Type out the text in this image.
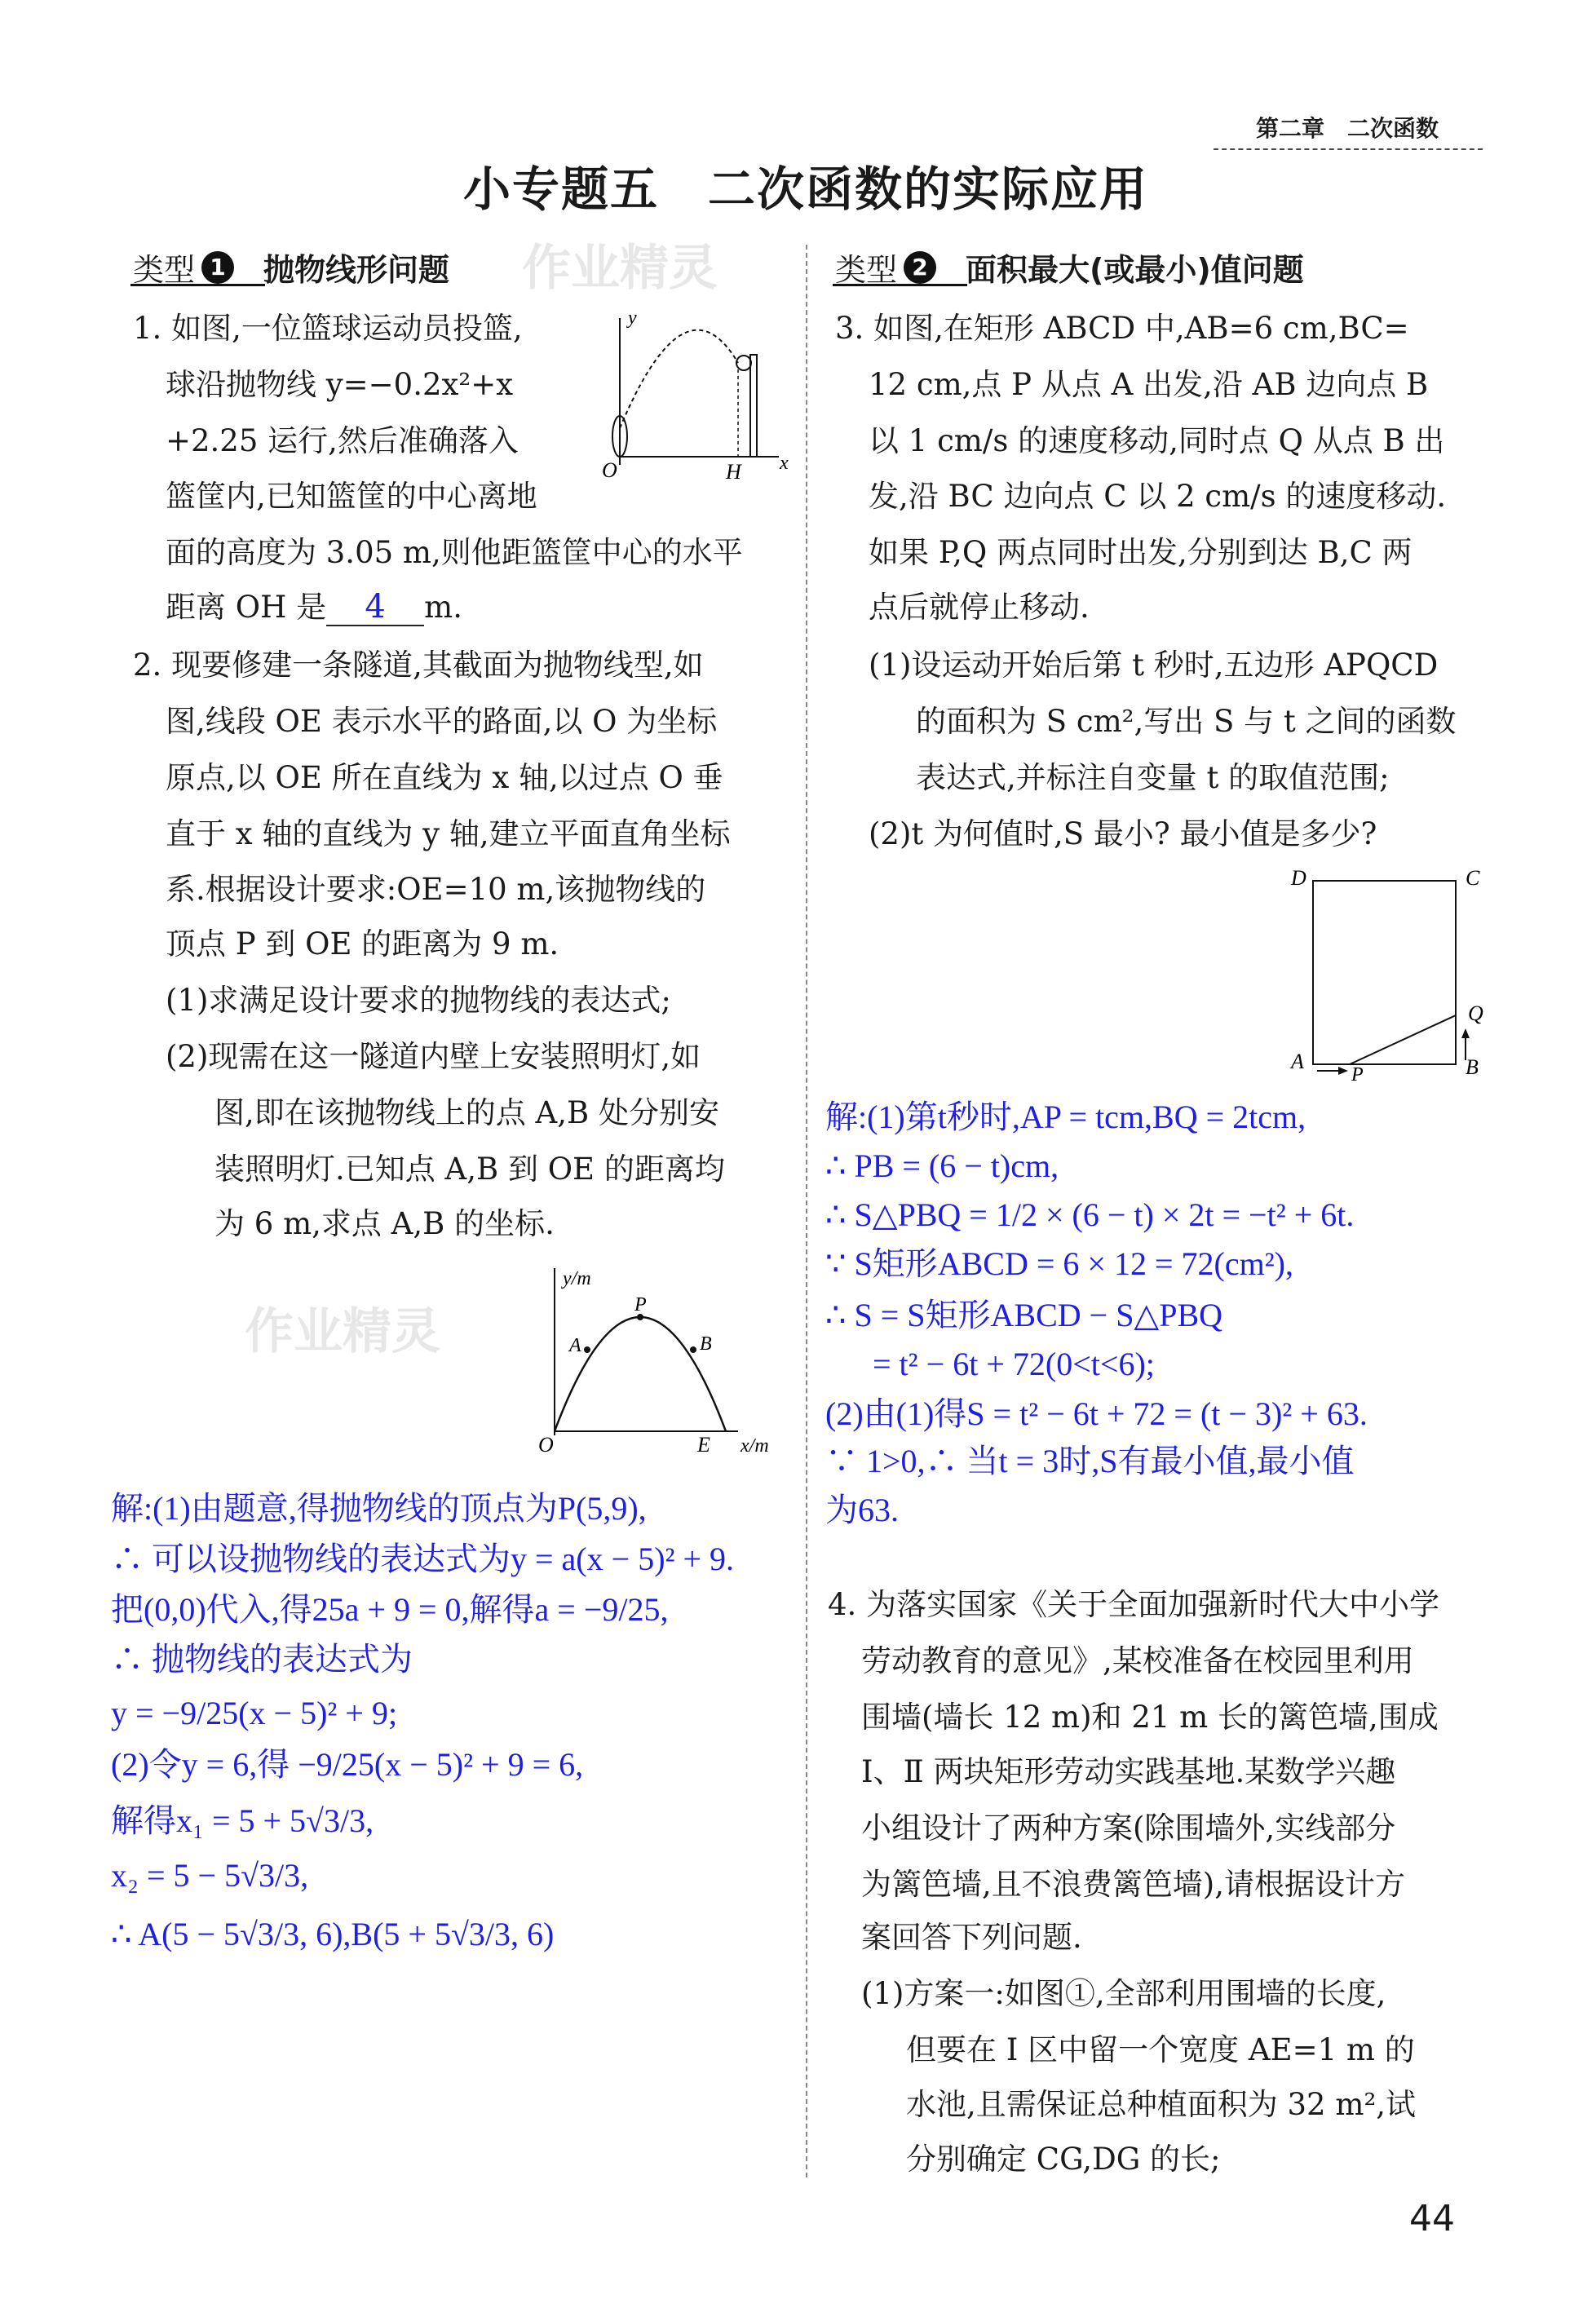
第二章　二次函数
小专题五　二次函数的实际应用
作业精灵
作业精灵
类型 1 抛物线形问题	类型 2 面积最大(或最小)值问题
距离 OH 是 4 m.
1. 如图,一位篮球运动员投篮,
球沿抛物线 y=−0.2x²+x
+2.25 运行,然后准确落入
篮筐内,已知篮筐的中心离地
面的高度为 3.05 m,则他距篮筐中心的水平
2. 现要修建一条隧道,其截面为抛物线型,如
图,线段 OE 表示水平的路面,以 O 为坐标
原点,以 OE 所在直线为 x 轴,以过点 O 垂
直于 x 轴的直线为 y 轴,建立平面直角坐标
系.根据设计要求:OE=10 m,该抛物线的
顶点 P 到 OE 的距离为 9 m.
(1)求满足设计要求的抛物线的表达式;
(2)现需在这一隧道内壁上安装照明灯,如
图,即在该抛物线上的点 A,B 处分别安
装照明灯.已知点 A,B 到 OE 的距离均
为 6 m,求点 A,B 的坐标.
解:(1)由题意,得抛物线的顶点为P(5,9),
∴ 可以设抛物线的表达式为y = a(x − 5)² + 9.
把(0,0)代入,得25a + 9 = 0,解得a = −9/25,
∴ 抛物线的表达式为
y = −9/25(x − 5)² + 9;
(2)令y = 6,得 −9/25(x − 5)² + 9 = 6,
解得x₁ = 5 + 5√3/3,
x₂ = 5 − 5√3/3,
∴ A(5 − 5√3/3, 6),B(5 + 5√3/3, 6)
3. 如图,在矩形 ABCD 中,AB=6 cm,BC=
12 cm,点 P 从点 A 出发,沿 AB 边向点 B
以 1 cm/s 的速度移动,同时点 Q 从点 B 出
发,沿 BC 边向点 C 以 2 cm/s 的速度移动.
如果 P,Q 两点同时出发,分别到达 B,C 两
点后就停止移动.
(1)设运动开始后第 t 秒时,五边形 APQCD
的面积为 S cm²,写出 S 与 t 之间的函数
表达式,并标注自变量 t 的取值范围;
(2)t 为何值时,S 最小? 最小值是多少?
解:(1)第t秒时,AP = tcm,BQ = 2tcm,
∴ PB = (6 − t)cm,
∴ S△PBQ = 1/2 × (6 − t) × 2t = −t² + 6t.
∵ S矩形ABCD = 6 × 12 = 72(cm²),
∴ S = S矩形ABCD − S△PBQ
= t² − 6t + 72(0<t<6);
(2)由(1)得S = t² − 6t + 72 = (t − 3)² + 63.
∵ 1>0,∴ 当t = 3时,S有最小值,最小值
为63.
4. 为落实国家《关于全面加强新时代大中小学
劳动教育的意见》,某校准备在校园里利用
围墙(墙长 12 m)和 21 m 长的篱笆墙,围成
Ⅰ、Ⅱ 两块矩形劳动实践基地.某数学兴趣
小组设计了两种方案(除围墙外,实线部分
为篱笆墙,且不浪费篱笆墙),请根据设计方
案回答下列问题.
(1)方案一:如图①,全部利用围墙的长度,
但要在 Ⅰ 区中留一个宽度 AE=1 m 的
水池,且需保证总种植面积为 32 m²,试
分别确定 CG,DG 的长;
y
x
O	H
y/m
x/m
O	E
P
A	B
D	C
Q
A	B
P
44
